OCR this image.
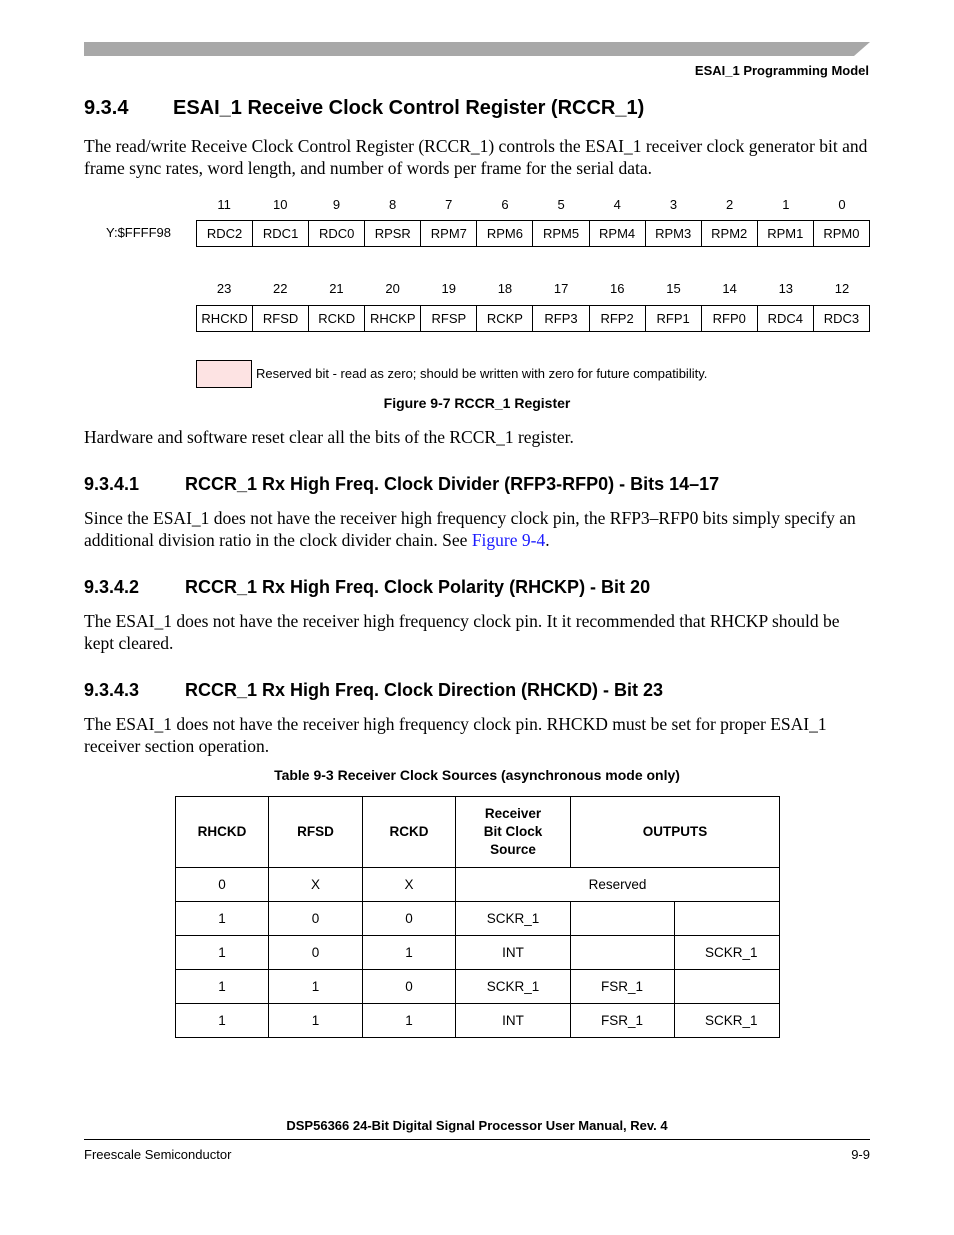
ESAI_1 Programming Model
9.3.4 ESAI_1 Receive Clock Control Register (RCCR_1)

The read/write Receive Clock Control Register (RCCR_1) controls the ESAI_1 receiver clock generator bit and frame sync rates, word length, and number of words per frame for the serial data.

11	10	9	8	7	6	5	4	3	2	1	0
Y:$FFFF98	RDC2	RDC1	RDC0	RPSR	RPM7	RPM6	RPM5	RPM4	RPM3	RPM2	RPM1	RPM0
23	22	21	20	19	18	17	16	15	14	13	12
RHCKD	RFSD	RCKD	RHCKP	RFSP	RCKP	RFP3	RFP2	RFP1	RFP0	RDC4	RDC3
Reserved bit - read as zero; should be written with zero for future compatibility.
Figure 9-7 RCCR_1 Register

Hardware and software reset clear all the bits of the RCCR_1 register.

9.3.4.1	RCCR_1 Rx High Freq. Clock Divider (RFP3-RFP0) - Bits 14–17

Since the ESAI_1 does not have the receiver high frequency clock pin, the RFP3–RFP0 bits simply specify an additional division ratio in the clock divider chain. See Figure 9-4.

9.3.4.2	RCCR_1 Rx High Freq. Clock Polarity (RHCKP) - Bit 20

The ESAI_1 does not have the receiver high frequency clock pin. It it recommended that RHCKP should be kept cleared.

9.3.4.3	RCCR_1 Rx High Freq. Clock Direction (RHCKD) - Bit 23

The ESAI_1 does not have the receiver high frequency clock pin. RHCKD must be set for proper ESAI_1 receiver section operation.

Table 9-3 Receiver Clock Sources (asynchronous mode only)
RHCKD	RFSD	RCKD	Receiver
Bit Clock
Source	OUTPUTS	
0	X	X	Reserved		
1	0	0	SCKR_1		
1	0	1	INT		SCKR_1
1	1	0	SCKR_1	FSR_1	
1	1	1	INT	FSR_1	SCKR_1
DSP56366 24-Bit Digital Signal Processor User Manual, Rev. 4
Freescale Semiconductor	9-9
